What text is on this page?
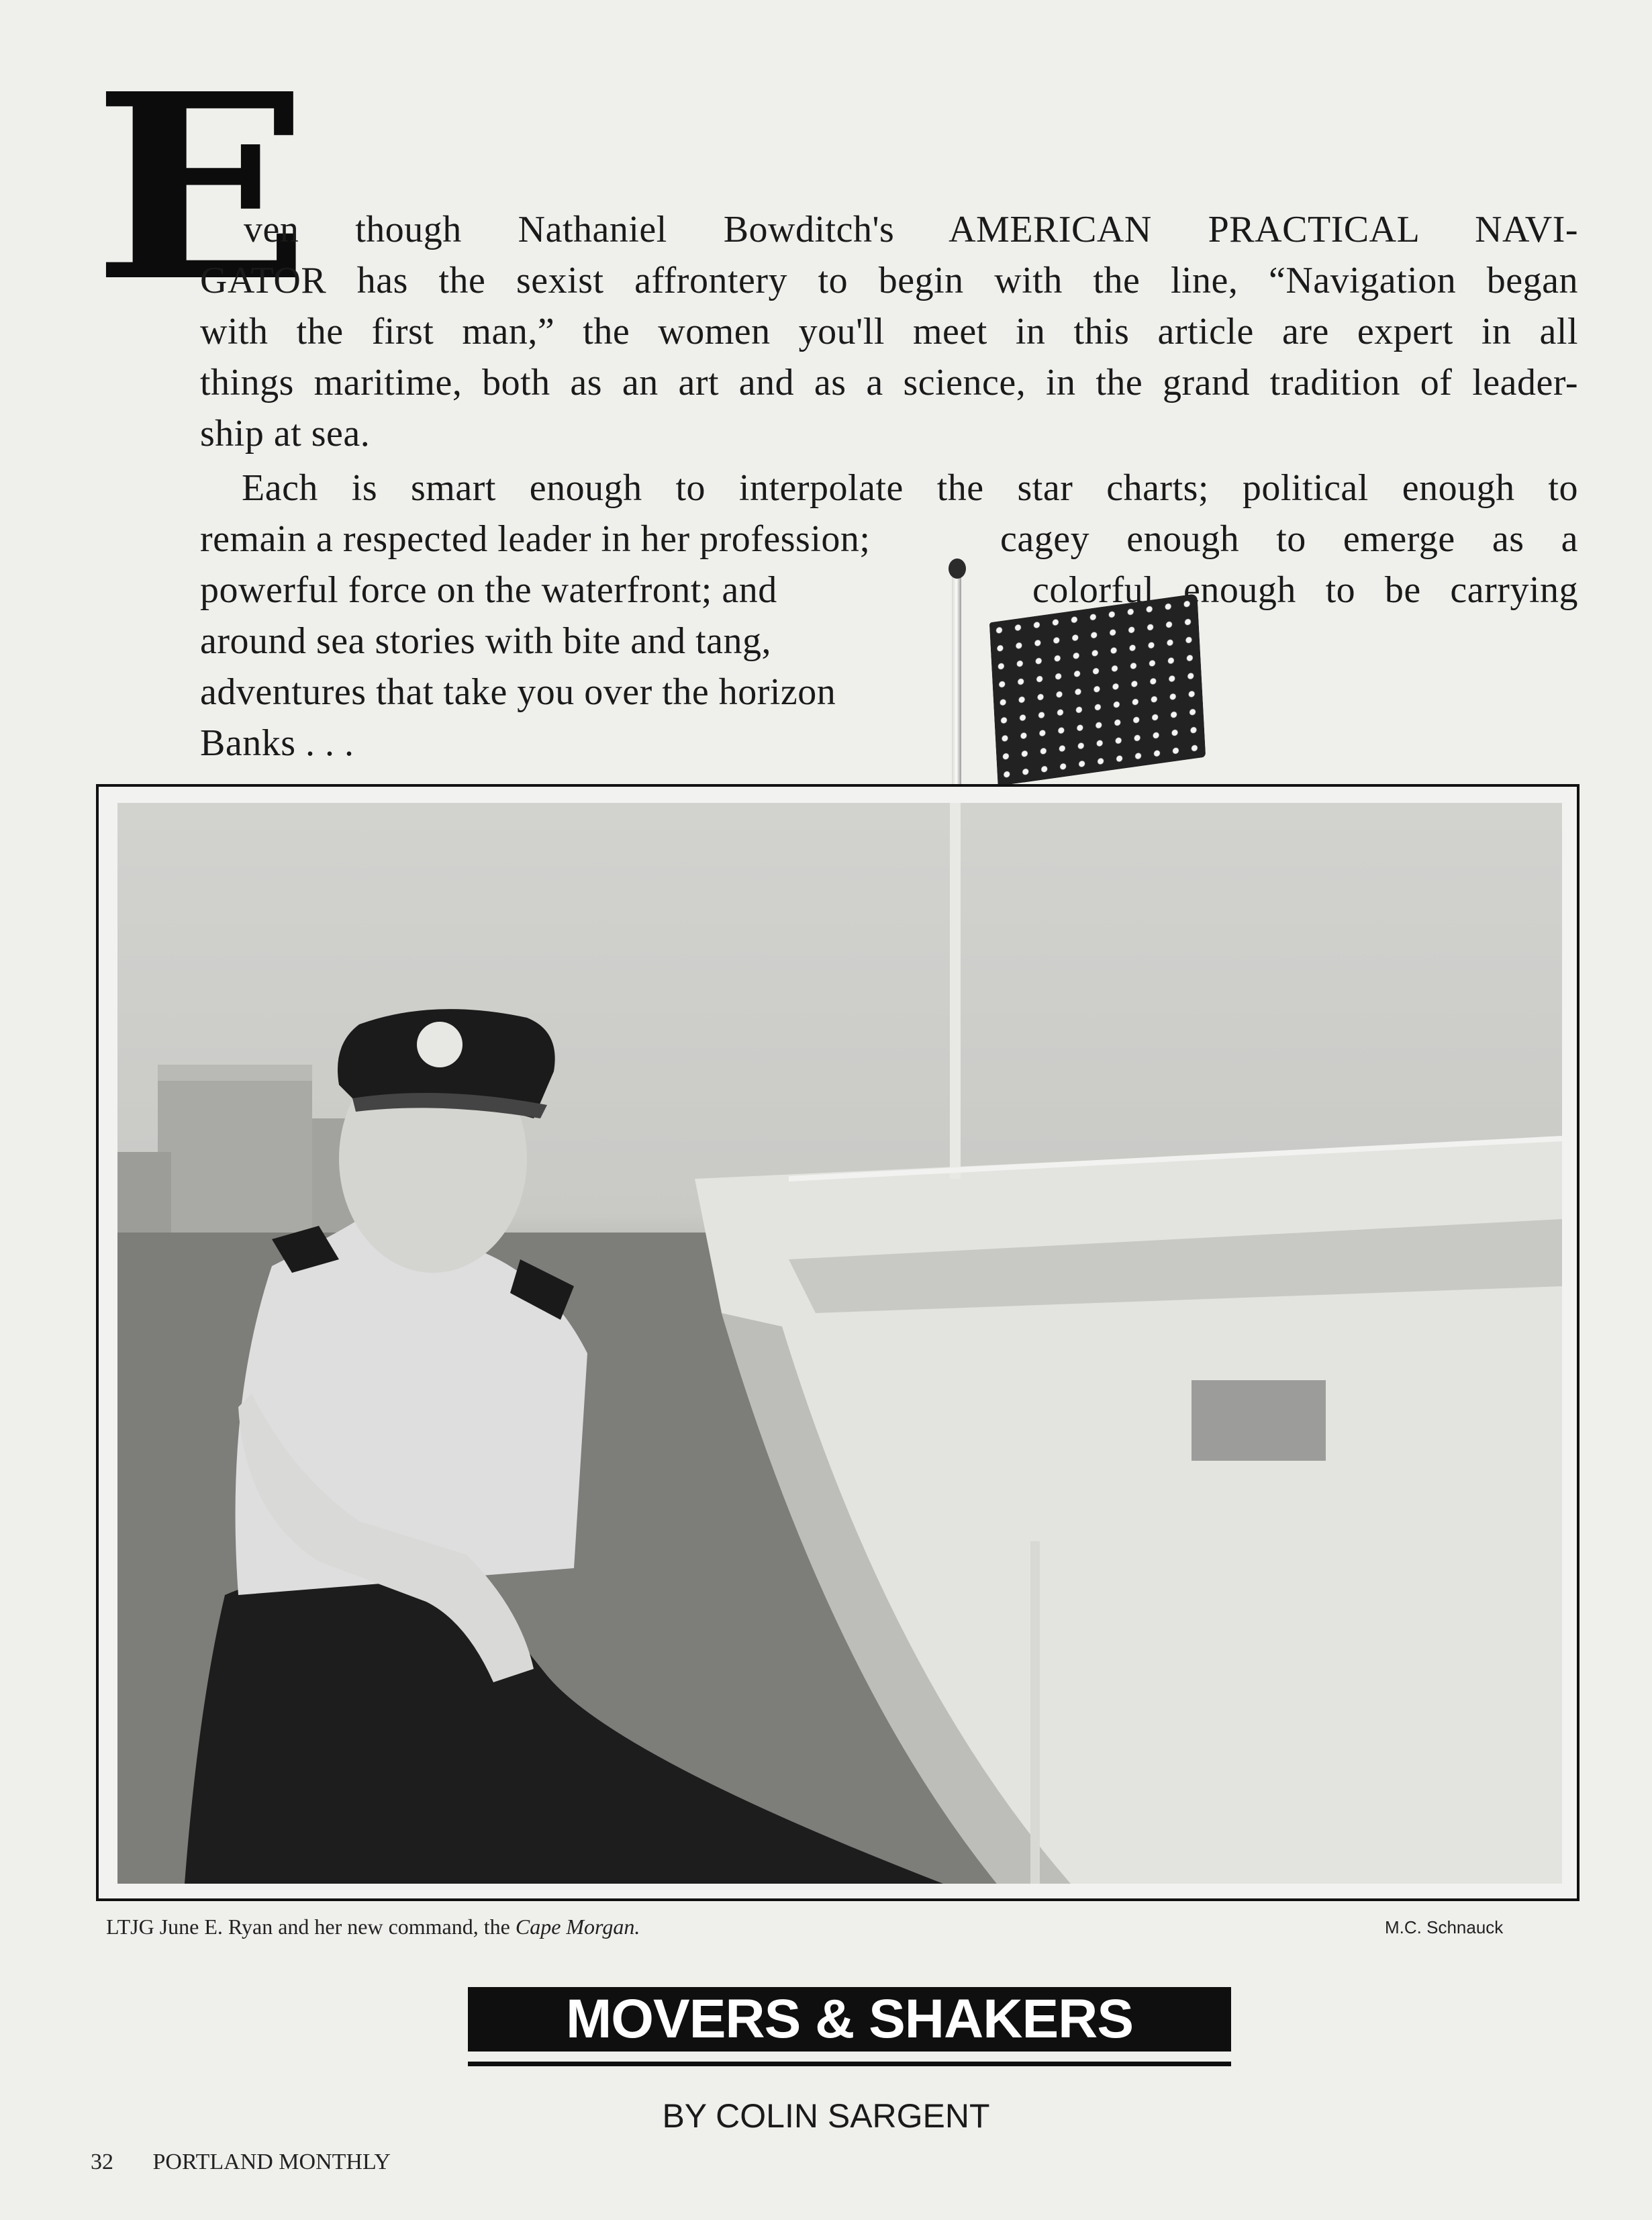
E
ven though Nathaniel Bowditch's AMERICAN PRACTICAL NAVI-
GATOR has the sexist affrontery to begin with the line, “Navigation began
with the first man,” the women you'll meet in this article are expert in all
things maritime, both as an art and as a science, in the grand tradition of leader-
ship at sea.
Each is smart enough to interpolate the star charts; political enough to
remain a respected leader in her profession;
powerful force on the waterfront; and
around sea stories with bite and tang,
adventures that take you over the horizon
Banks . . .
cagey enough to emerge as a
colorful enough to be carrying
LTJG June E. Ryan and her new command, the Cape Morgan.	M.C. Schnauck
MOVERS & SHAKERS
BY COLIN SARGENT
32 PORTLAND MONTHLY
